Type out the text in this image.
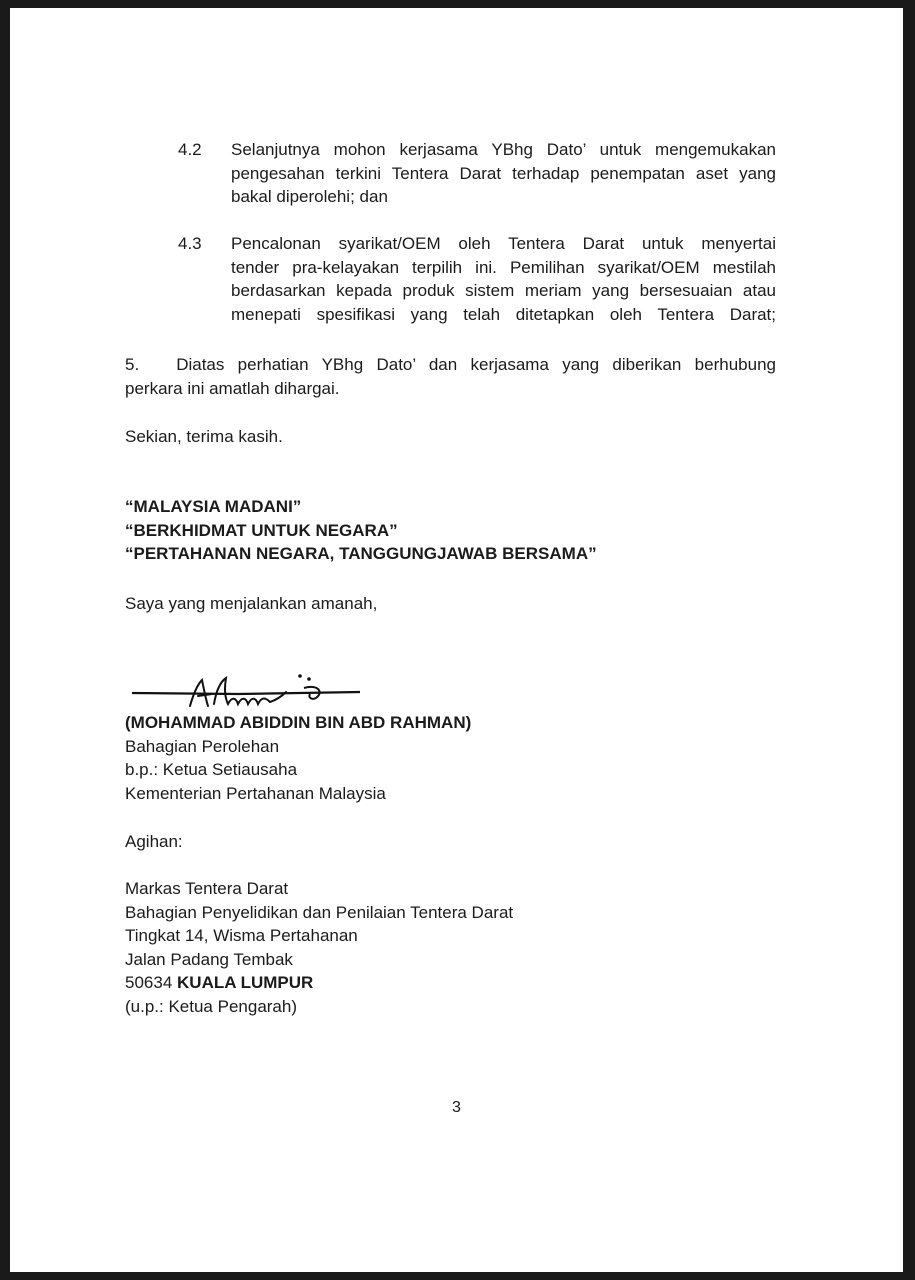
4.2 Selanjutnya mohon kerjasama YBhg Dato’ untuk mengemukakan
pengesahan terkini Tentera Darat terhadap penempatan aset yang
bakal diperolehi; dan
4.3 Pencalonan syarikat/OEM oleh Tentera Darat untuk menyertai
tender pra-kelayakan terpilih ini. Pemilihan syarikat/OEM mestilah
berdasarkan kepada produk sistem meriam yang bersesuaian atau
menepati spesifikasi yang telah ditetapkan oleh Tentera Darat;
5. Diatas perhatian YBhg Dato’ dan kerjasama yang diberikan berhubung
perkara ini amatlah dihargai.
Sekian, terima kasih.
“MALAYSIA MADANI”
“BERKHIDMAT UNTUK NEGARA”
“PERTAHANAN NEGARA, TANGGUNGJAWAB BERSAMA”
Saya yang menjalankan amanah,
(MOHAMMAD ABIDDIN BIN ABD RAHMAN)
Bahagian Perolehan
b.p.: Ketua Setiausaha
Kementerian Pertahanan Malaysia
Agihan:
Markas Tentera Darat
Bahagian Penyelidikan dan Penilaian Tentera Darat
Tingkat 14, Wisma Pertahanan
Jalan Padang Tembak
50634 KUALA LUMPUR
(u.p.: Ketua Pengarah)
3
